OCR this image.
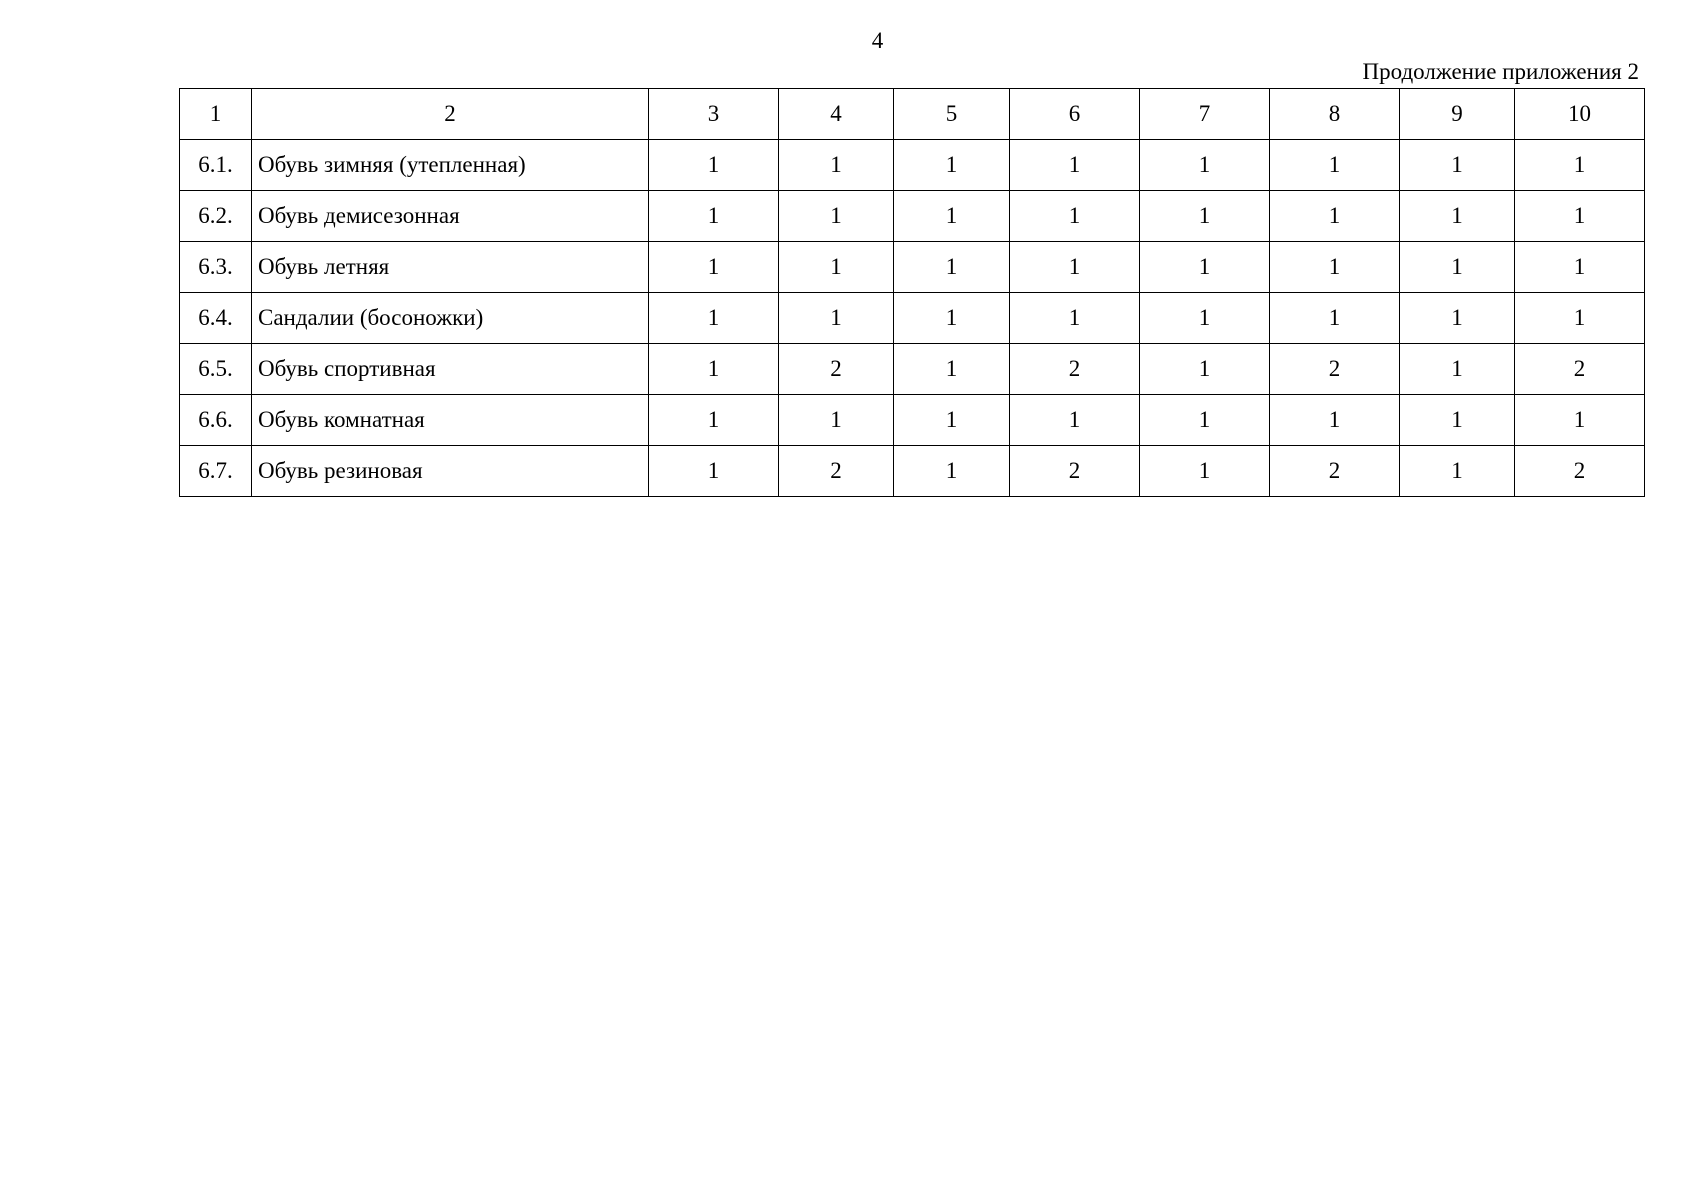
4
Продолжение приложения 2
1	2	3	4	5	6	7	8	9	10
6.1.	Обувь зимняя (утепленная)	1	1	1	1	1	1	1	1
6.2.	Обувь демисезонная	1	1	1	1	1	1	1	1
6.3.	Обувь летняя	1	1	1	1	1	1	1	1
6.4.	Сандалии (босоножки)	1	1	1	1	1	1	1	1
6.5.	Обувь спортивная	1	2	1	2	1	2	1	2
6.6.	Обувь комнатная	1	1	1	1	1	1	1	1
6.7.	Обувь резиновая	1	2	1	2	1	2	1	2
